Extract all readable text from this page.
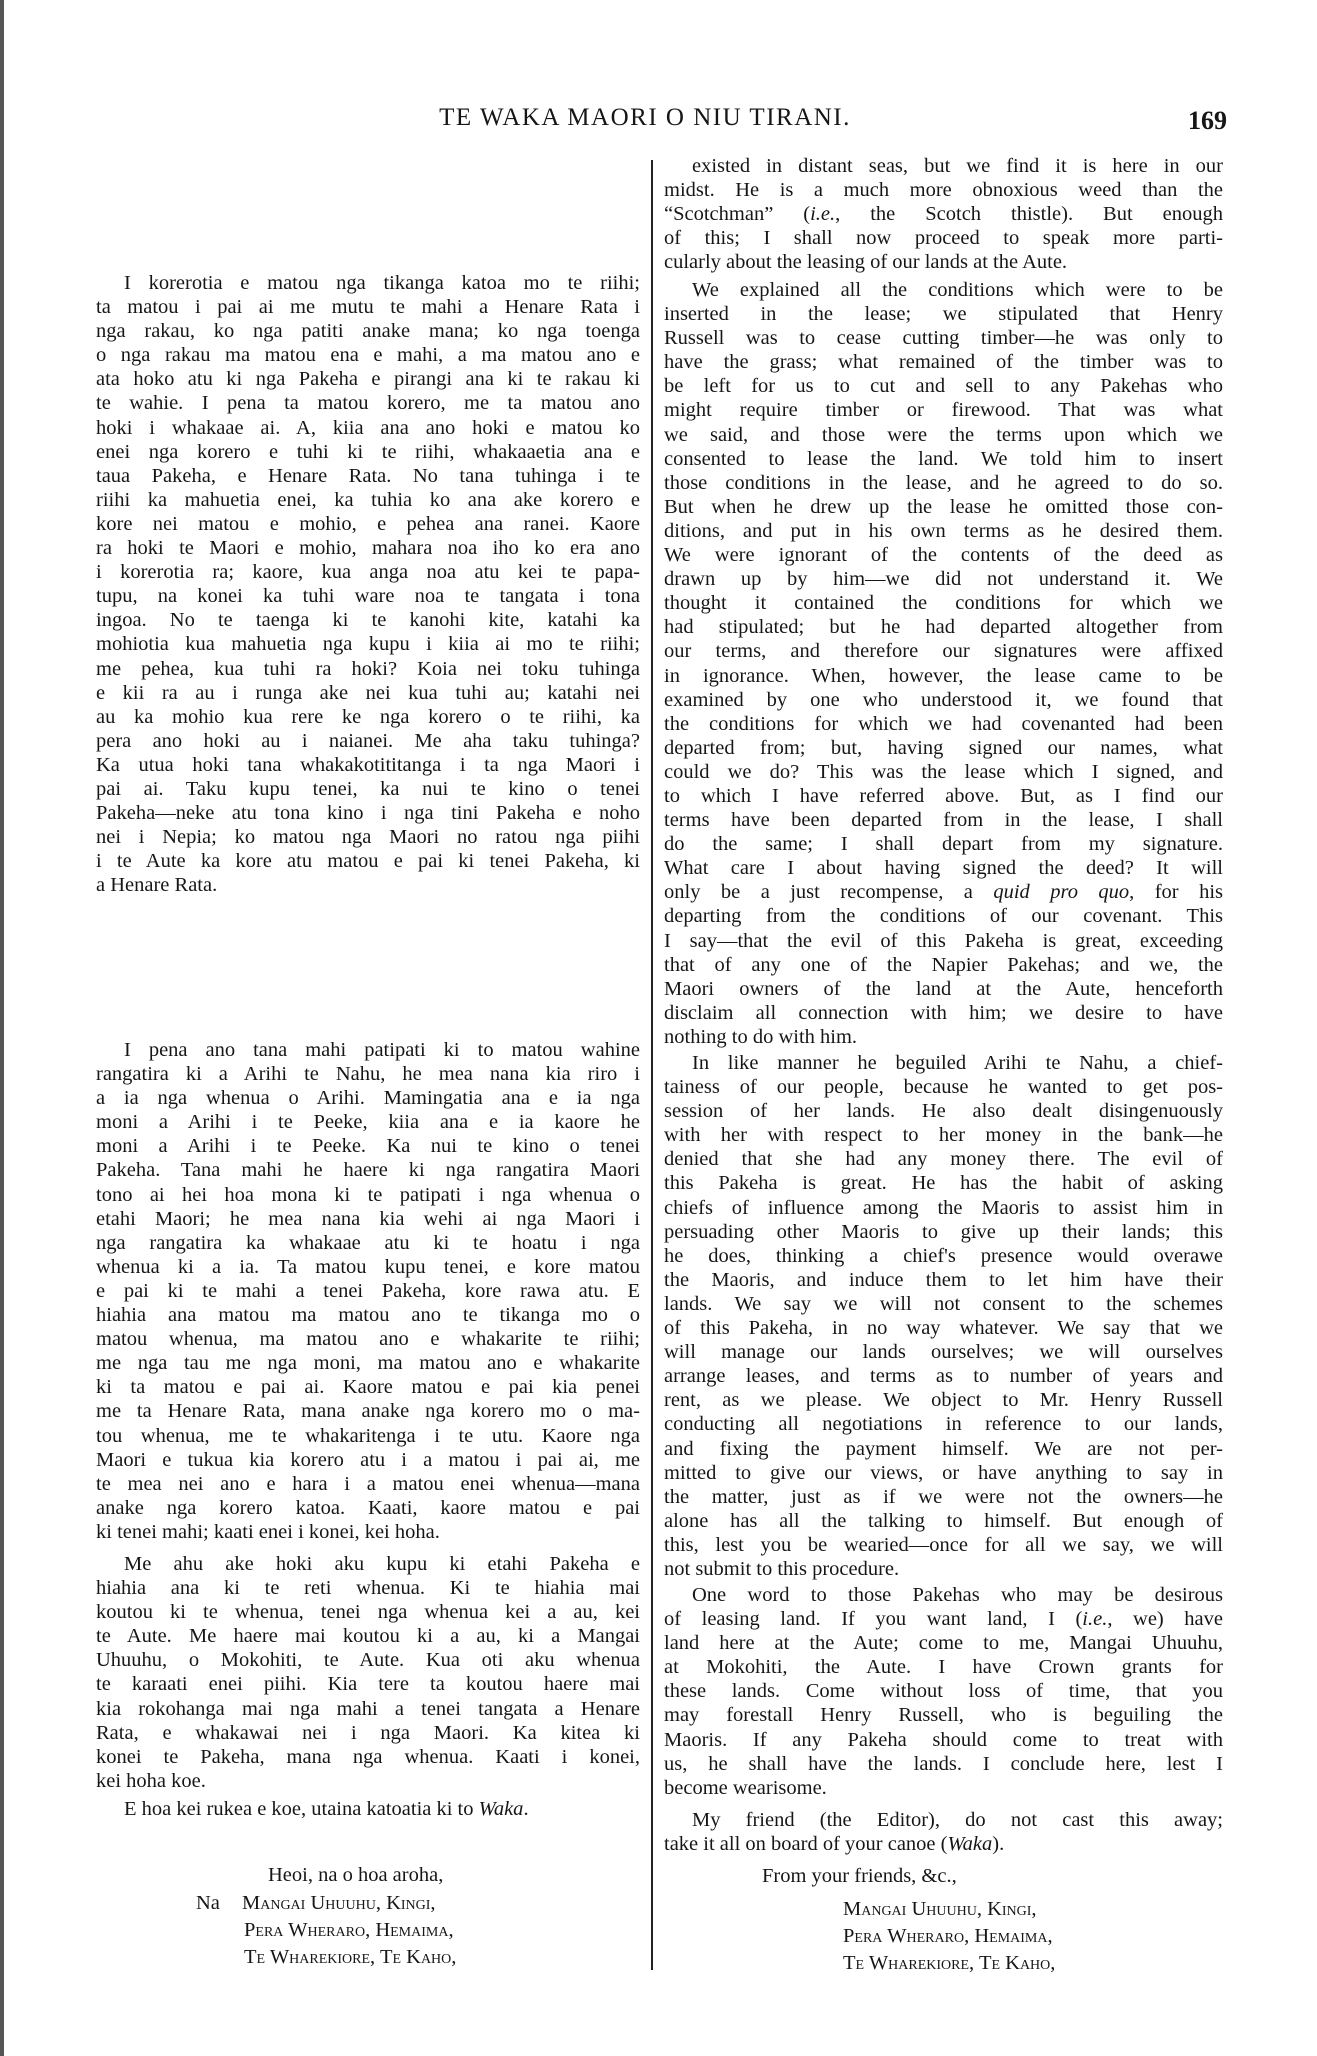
TE WAKA MAORI O NIU TIRANI.	169
I korerotia e matou nga tikanga katoa mo te riihi;
ta matou i pai ai me mutu te mahi a Henare Rata i
nga rakau, ko nga patiti anake mana; ko nga toenga
o nga rakau ma matou ena e mahi, a ma matou ano e
ata hoko atu ki nga Pakeha e pirangi ana ki te rakau ki
te wahie. I pena ta matou korero, me ta matou ano
hoki i whakaae ai. A, kiia ana ano hoki e matou ko
enei nga korero e tuhi ki te riihi, whakaaetia ana e
taua Pakeha, e Henare Rata. No tana tuhinga i te
riihi ka mahuetia enei, ka tuhia ko ana ake korero e
kore nei matou e mohio, e pehea ana ranei. Kaore
ra hoki te Maori e mohio, mahara noa iho ko era ano
i korerotia ra; kaore, kua anga noa atu kei te papa-
tupu, na konei ka tuhi ware noa te tangata i tona
ingoa. No te taenga ki te kanohi kite, katahi ka
mohiotia kua mahuetia nga kupu i kiia ai mo te riihi;
me pehea, kua tuhi ra hoki? Koia nei toku tuhinga
e kii ra au i runga ake nei kua tuhi au; katahi nei
au ka mohio kua rere ke nga korero o te riihi, ka
pera ano hoki au i naianei. Me aha taku tuhinga?
Ka utua hoki tana whakakotititanga i ta nga Maori i
pai ai. Taku kupu tenei, ka nui te kino o tenei
Pakeha—neke atu tona kino i nga tini Pakeha e noho
nei i Nepia; ko matou nga Maori no ratou nga piihi
i te Aute ka kore atu matou e pai ki tenei Pakeha, ki
a Henare Rata.
I pena ano tana mahi patipati ki to matou wahine
rangatira ki a Arihi te Nahu, he mea nana kia riro i
a ia nga whenua o Arihi. Mamingatia ana e ia nga
moni a Arihi i te Peeke, kiia ana e ia kaore he
moni a Arihi i te Peeke. Ka nui te kino o tenei
Pakeha. Tana mahi he haere ki nga rangatira Maori
tono ai hei hoa mona ki te patipati i nga whenua o
etahi Maori; he mea nana kia wehi ai nga Maori i
nga rangatira ka whakaae atu ki te hoatu i nga
whenua ki a ia. Ta matou kupu tenei, e kore matou
e pai ki te mahi a tenei Pakeha, kore rawa atu. E
hiahia ana matou ma matou ano te tikanga mo o
matou whenua, ma matou ano e whakarite te riihi;
me nga tau me nga moni, ma matou ano e whakarite
ki ta matou e pai ai. Kaore matou e pai kia penei
me ta Henare Rata, mana anake nga korero mo o ma-
tou whenua, me te whakaritenga i te utu. Kaore nga
Maori e tukua kia korero atu i a matou i pai ai, me
te mea nei ano e hara i a matou enei whenua—mana
anake nga korero katoa. Kaati, kaore matou e pai
ki tenei mahi; kaati enei i konei, kei hoha.
Me ahu ake hoki aku kupu ki etahi Pakeha e
hiahia ana ki te reti whenua. Ki te hiahia mai
koutou ki te whenua, tenei nga whenua kei a au, kei
te Aute. Me haere mai koutou ki a au, ki a Mangai
Uhuuhu, o Mokohiti, te Aute. Kua oti aku whenua
te karaati enei piihi. Kia tere ta koutou haere mai
kia rokohanga mai nga mahi a tenei tangata a Henare
Rata, e whakawai nei i nga Maori. Ka kitea ki
konei te Pakeha, mana nga whenua. Kaati i konei,
kei hoha koe.
E hoa kei rukea e koe, utaina katoatia ki to Waka.
Heoi, na o hoa aroha,
Na Mangai Uhuuhu, Kingi,
Pera Wheraro, Hemaima,
Te Wharekiore, Te Kaho,
existed in distant seas, but we find it is here in our
midst. He is a much more obnoxious weed than the
“Scotchman” (i.e., the Scotch thistle). But enough
of this; I shall now proceed to speak more parti-
cularly about the leasing of our lands at the Aute.
We explained all the conditions which were to be
inserted in the lease; we stipulated that Henry
Russell was to cease cutting timber—he was only to
have the grass; what remained of the timber was to
be left for us to cut and sell to any Pakehas who
might require timber or firewood. That was what
we said, and those were the terms upon which we
consented to lease the land. We told him to insert
those conditions in the lease, and he agreed to do so.
But when he drew up the lease he omitted those con-
ditions, and put in his own terms as he desired them.
We were ignorant of the contents of the deed as
drawn up by him—we did not understand it. We
thought it contained the conditions for which we
had stipulated; but he had departed altogether from
our terms, and therefore our signatures were affixed
in ignorance. When, however, the lease came to be
examined by one who understood it, we found that
the conditions for which we had covenanted had been
departed from; but, having signed our names, what
could we do? This was the lease which I signed, and
to which I have referred above. But, as I find our
terms have been departed from in the lease, I shall
do the same; I shall depart from my signature.
What care I about having signed the deed? It will
only be a just recompense, a quid pro quo, for his
departing from the conditions of our covenant. This
I say—that the evil of this Pakeha is great, exceeding
that of any one of the Napier Pakehas; and we, the
Maori owners of the land at the Aute, henceforth
disclaim all connection with him; we desire to have
nothing to do with him.
In like manner he beguiled Arihi te Nahu, a chief-
tainess of our people, because he wanted to get pos-
session of her lands. He also dealt disingenuously
with her with respect to her money in the bank—he
denied that she had any money there. The evil of
this Pakeha is great. He has the habit of asking
chiefs of influence among the Maoris to assist him in
persuading other Maoris to give up their lands; this
he does, thinking a chief's presence would overawe
the Maoris, and induce them to let him have their
lands. We say we will not consent to the schemes
of this Pakeha, in no way whatever. We say that we
will manage our lands ourselves; we will ourselves
arrange leases, and terms as to number of years and
rent, as we please. We object to Mr. Henry Russell
conducting all negotiations in reference to our lands,
and fixing the payment himself. We are not per-
mitted to give our views, or have anything to say in
the matter, just as if we were not the owners—he
alone has all the talking to himself. But enough of
this, lest you be wearied—once for all we say, we will
not submit to this procedure.
One word to those Pakehas who may be desirous
of leasing land. If you want land, I (i.e., we) have
land here at the Aute; come to me, Mangai Uhuuhu,
at Mokohiti, the Aute. I have Crown grants for
these lands. Come without loss of time, that you
may forestall Henry Russell, who is beguiling the
Maoris. If any Pakeha should come to treat with
us, he shall have the lands. I conclude here, lest I
become wearisome.
My friend (the Editor), do not cast this away;
take it all on board of your canoe (Waka).
From your friends, &c.,
Mangai Uhuuhu, Kingi,
Pera Wheraro, Hemaima,
Te Wharekiore, Te Kaho,
